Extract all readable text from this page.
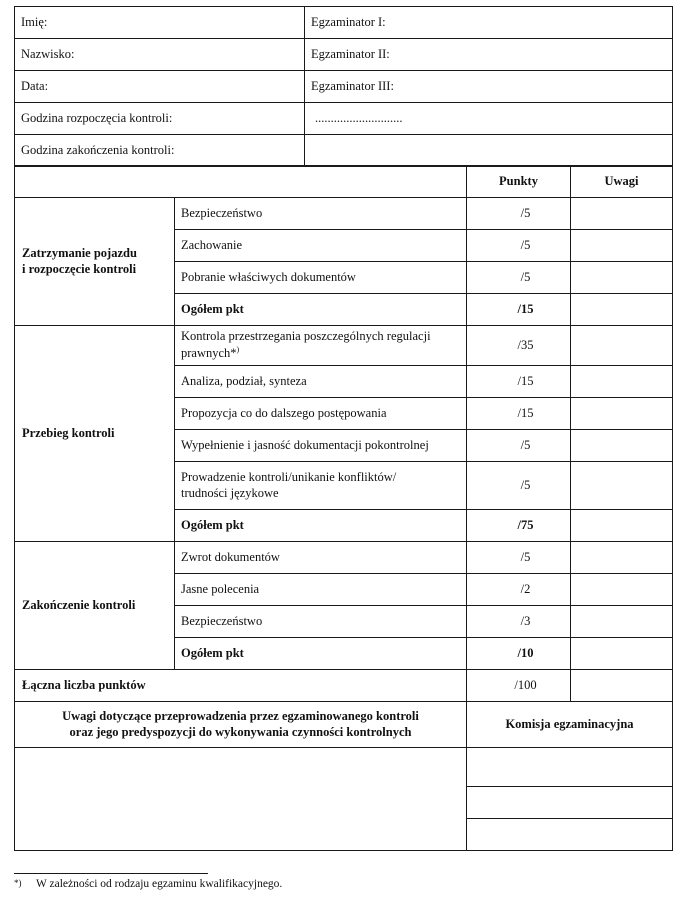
Imię:	Egzaminator I:
Nazwisko:	Egzaminator II:
Data:	Egzaminator III:
Godzina rozpoczęcia kontroli:	............................
Godzina zakończenia kontroli:	
		Punkty	Uwagi
Zatrzymanie pojazdu
i rozpoczęcie kontroli	Bezpieczeństwo	/5	
	Zachowanie	/5	
	Pobranie właściwych dokumentów	/5	
	Ogółem pkt	/15	
Przebieg kontroli	Kontrola przestrzegania poszczególnych regulacji
prawnych*)	/35	
	Analiza, podział, synteza	/15	
	Propozycja co do dalszego postępowania	/15	
	Wypełnienie i jasność dokumentacji pokontrolnej	/5	
	Prowadzenie kontroli/unikanie konfliktów/
trudności językowe	/5	
	Ogółem pkt	/75	
Zakończenie kontroli	Zwrot dokumentów	/5	
	Jasne polecenia	/2	
	Bezpieczeństwo	/3	
	Ogółem pkt	/10	
Łączna liczba punktów		/100	
Uwagi dotyczące przeprowadzenia przez egzaminowanego kontroli
oraz jego predyspozycji do wykonywania czynności kontrolnych		Komisja egzaminacyjna	

*) W zależności od rodzaju egzaminu kwalifikacyjnego.
